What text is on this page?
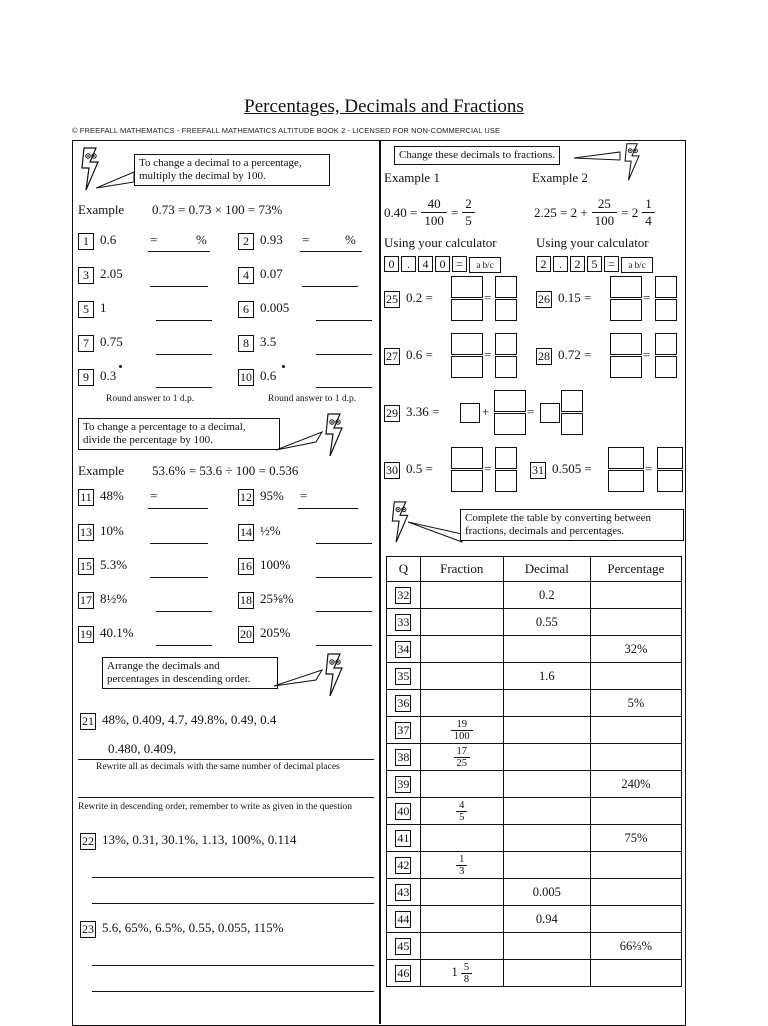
Percentages, Decimals and Fractions
© FREEFALL MATHEMATICS - FREEFALL MATHEMATICS ALTITUDE BOOK 2 - LICENSED FOR NON-COMMERCIAL USE
To change a decimal to a percentage, multiply the decimal by 100.
Example 0.73 = 0.73 × 100 = 73%
1 0.6	=	%	2 0.93 =	%
3 2.05	4 0.07
5 1	6 0.005
7 0.75	8 3.5
9 0.3	10 0.6
Round answer to 1 d.p.	Round answer to 1 d.p.
To change a percentage to a decimal, divide the percentage by 100.
Example 53.6% = 53.6 ÷ 100 = 0.536
11 48% =	12 95% =
13 10%	14 ½%
15 5.3%	16 100%
17 8½%	18 25⅝%
19 40.1%	20 205%
Arrange the decimals and percentages in descending order.
21 48%, 0.409, 4.7, 49.8%, 0.49, 0.4
0.480, 0.409,
Rewrite all as decimals with the same number of decimal places
Rewrite in descending order, remember to write as given in the question
22 13%, 0.31, 30.1%, 1.13, 100%, 0.114
23 5.6, 65%, 6.5%, 0.55, 0.055, 115%
Change these decimals to fractions.
Example 1	Example 2
$0.40 = \frac{40}{100} = \frac{2}{5}$	$2.25 = 2 + \frac{25}{100} = 2 \frac{1}{4}$
Using your calculator	Using your calculator
0 . 4 0 = a b/c	2 . 2 5 = a b/c
25 0.2 =	=	26 0.15 =	=
27 0.6 =	=	28 0.72 =	=
29 3.36 =	+	=
30 0.5 =	=	31 0.505 =	=
Complete the table by converting between fractions, decimals and percentages.
Q	Fraction	Decimal	Percentage
32		0.2	
33		0.55	
34			32%
35		1.6	
36			5%
37	$\frac{19}{100}$

38	$\frac{17}{25}$

39			240%
40	$\frac{4}{5}$

41			75%
42	$\frac{1}{3}$

43		0.005	
44		0.94	
45			66⅔%
46	$1 \frac{5}{8}$
